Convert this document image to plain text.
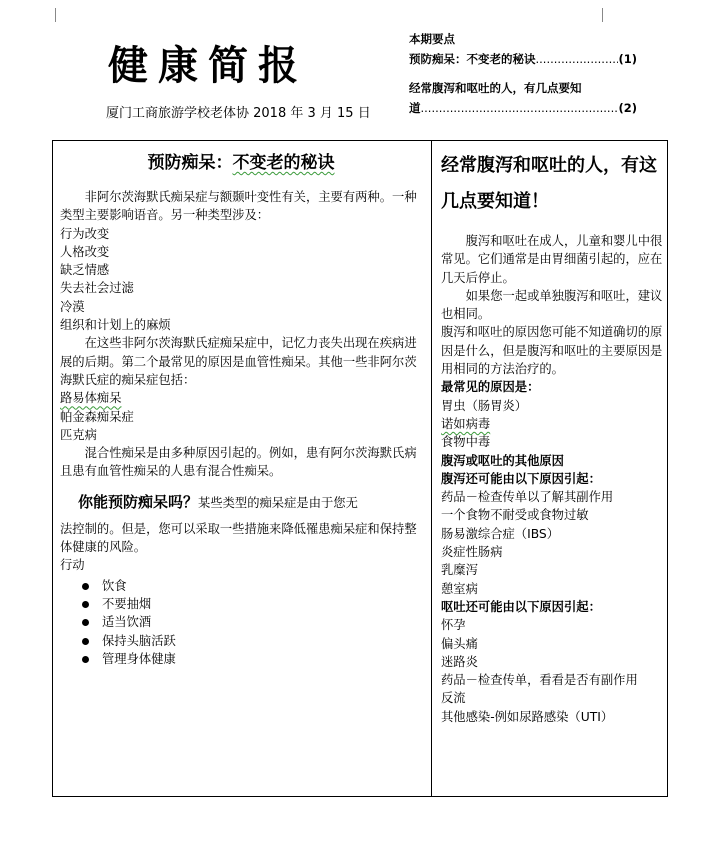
健康简报
厦门工商旅游学校老体协 2018 年 3 月 15 日
本期要点
预防痴呆：不变老的秘诀 .....	(1)
经常腹泻和呕吐的人，有几点要知
道 .....	(2)
预防痴呆：不变老的秘诀

非阿尔茨海默氏痴呆症与额颞叶变性有关，主要有两种。一种类型主要影响语音。另一种类型涉及：

行为改变
人格改变
缺乏情感
失去社会过滤
冷漠
组织和计划上的麻烦

在这些非阿尔茨海默氏症痴呆症中，记忆力丧失出现在疾病进展的后期。第二个最常见的原因是血管性痴呆。其他一些非阿尔茨海默氏症的痴呆症包括：

路易体痴呆
帕金森痴呆症
匹克病

混合性痴呆是由多种原因引起的。例如，患有阿尔茨海默氏病且患有血管性痴呆的人患有混合性痴呆。

你能预防痴呆吗？某些类型的痴呆症是由于您无

法控制的。但是，您可以采取一些措施来降低罹患痴呆症和保持整体健康的风险。

行动
饮食
不要抽烟
适当饮酒
保持头脑活跃
管理身体健康
经常腹泻和呕吐的人，有这几点要知道！

腹泻和呕吐在成人，儿童和婴儿中很常见。它们通常是由胃细菌引起的，应在几天后停止。

如果您一起或单独腹泻和呕吐，建议也相同。

腹泻和呕吐的原因您可能不知道确切的原因是什么，但是腹泻和呕吐的主要原因是用相同的方法治疗的。

最常见的原因是：
胃虫（肠胃炎）
诺如病毒
食物中毒
腹泻或呕吐的其他原因
腹泻还可能由以下原因引起：
药品－检查传单以了解其副作用
一个食物不耐受或食物过敏
肠易激综合症（IBS）
炎症性肠病
乳糜泻
憩室病
呕吐还可能由以下原因引起：
怀孕
偏头痛
迷路炎
药品－检查传单，看看是否有副作用
反流
其他感染-例如尿路感染（UTI）
